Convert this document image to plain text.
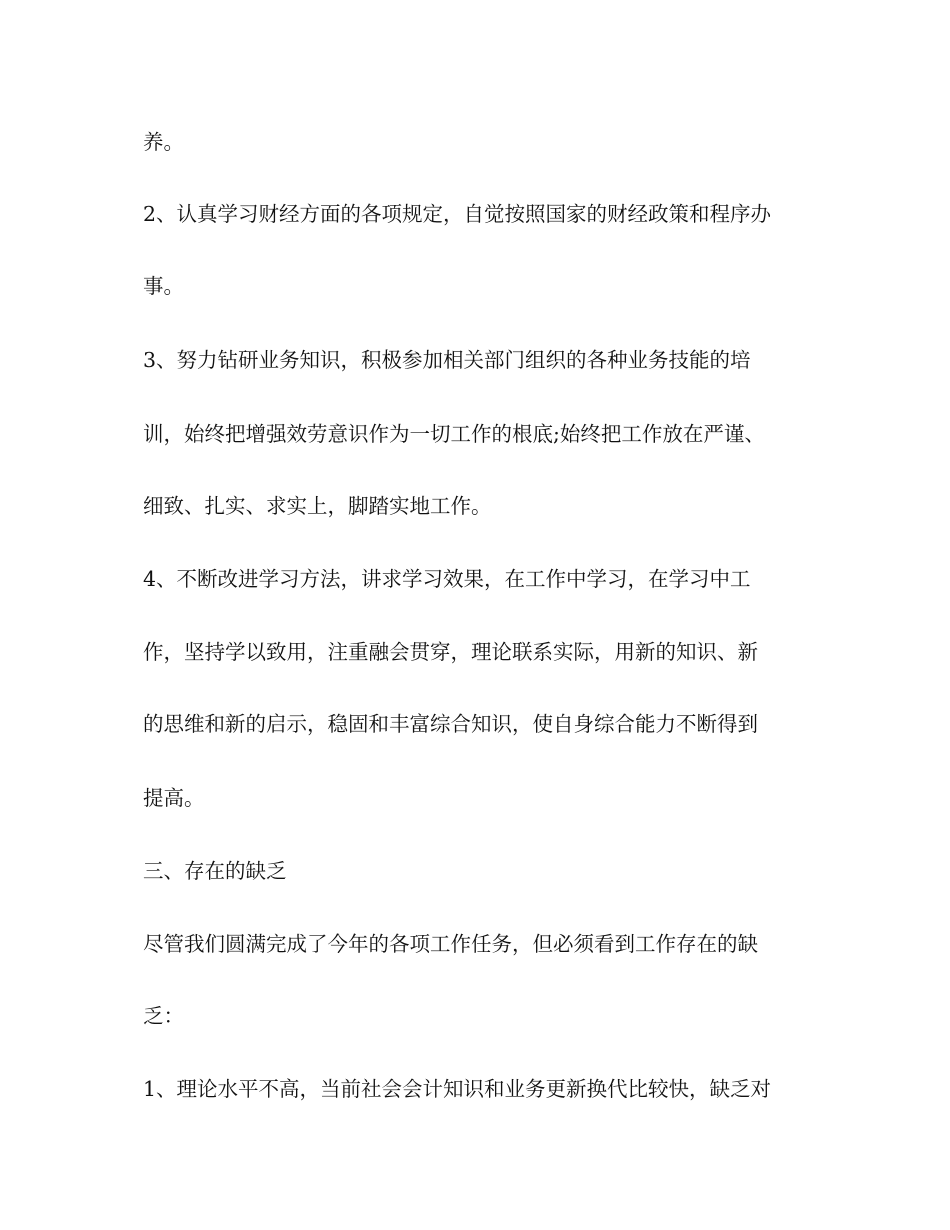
养。

2、认真学习财经方面的各项规定，自觉按照国家的财经政策和程序办

事。

3、努力钻研业务知识，积极参加相关部门组织的各种业务技能的培

训，始终把增强效劳意识作为一切工作的根底;始终把工作放在严谨、

细致、扎实、求实上，脚踏实地工作。

4、不断改进学习方法，讲求学习效果，在工作中学习，在学习中工

作，坚持学以致用，注重融会贯穿，理论联系实际，用新的知识、新

的思维和新的启示，稳固和丰富综合知识，使自身综合能力不断得到

提高。

三、存在的缺乏

尽管我们圆满完成了今年的各项工作任务，但必须看到工作存在的缺

乏：

1、理论水平不高，当前社会会计知识和业务更新换代比较快，缺乏对
